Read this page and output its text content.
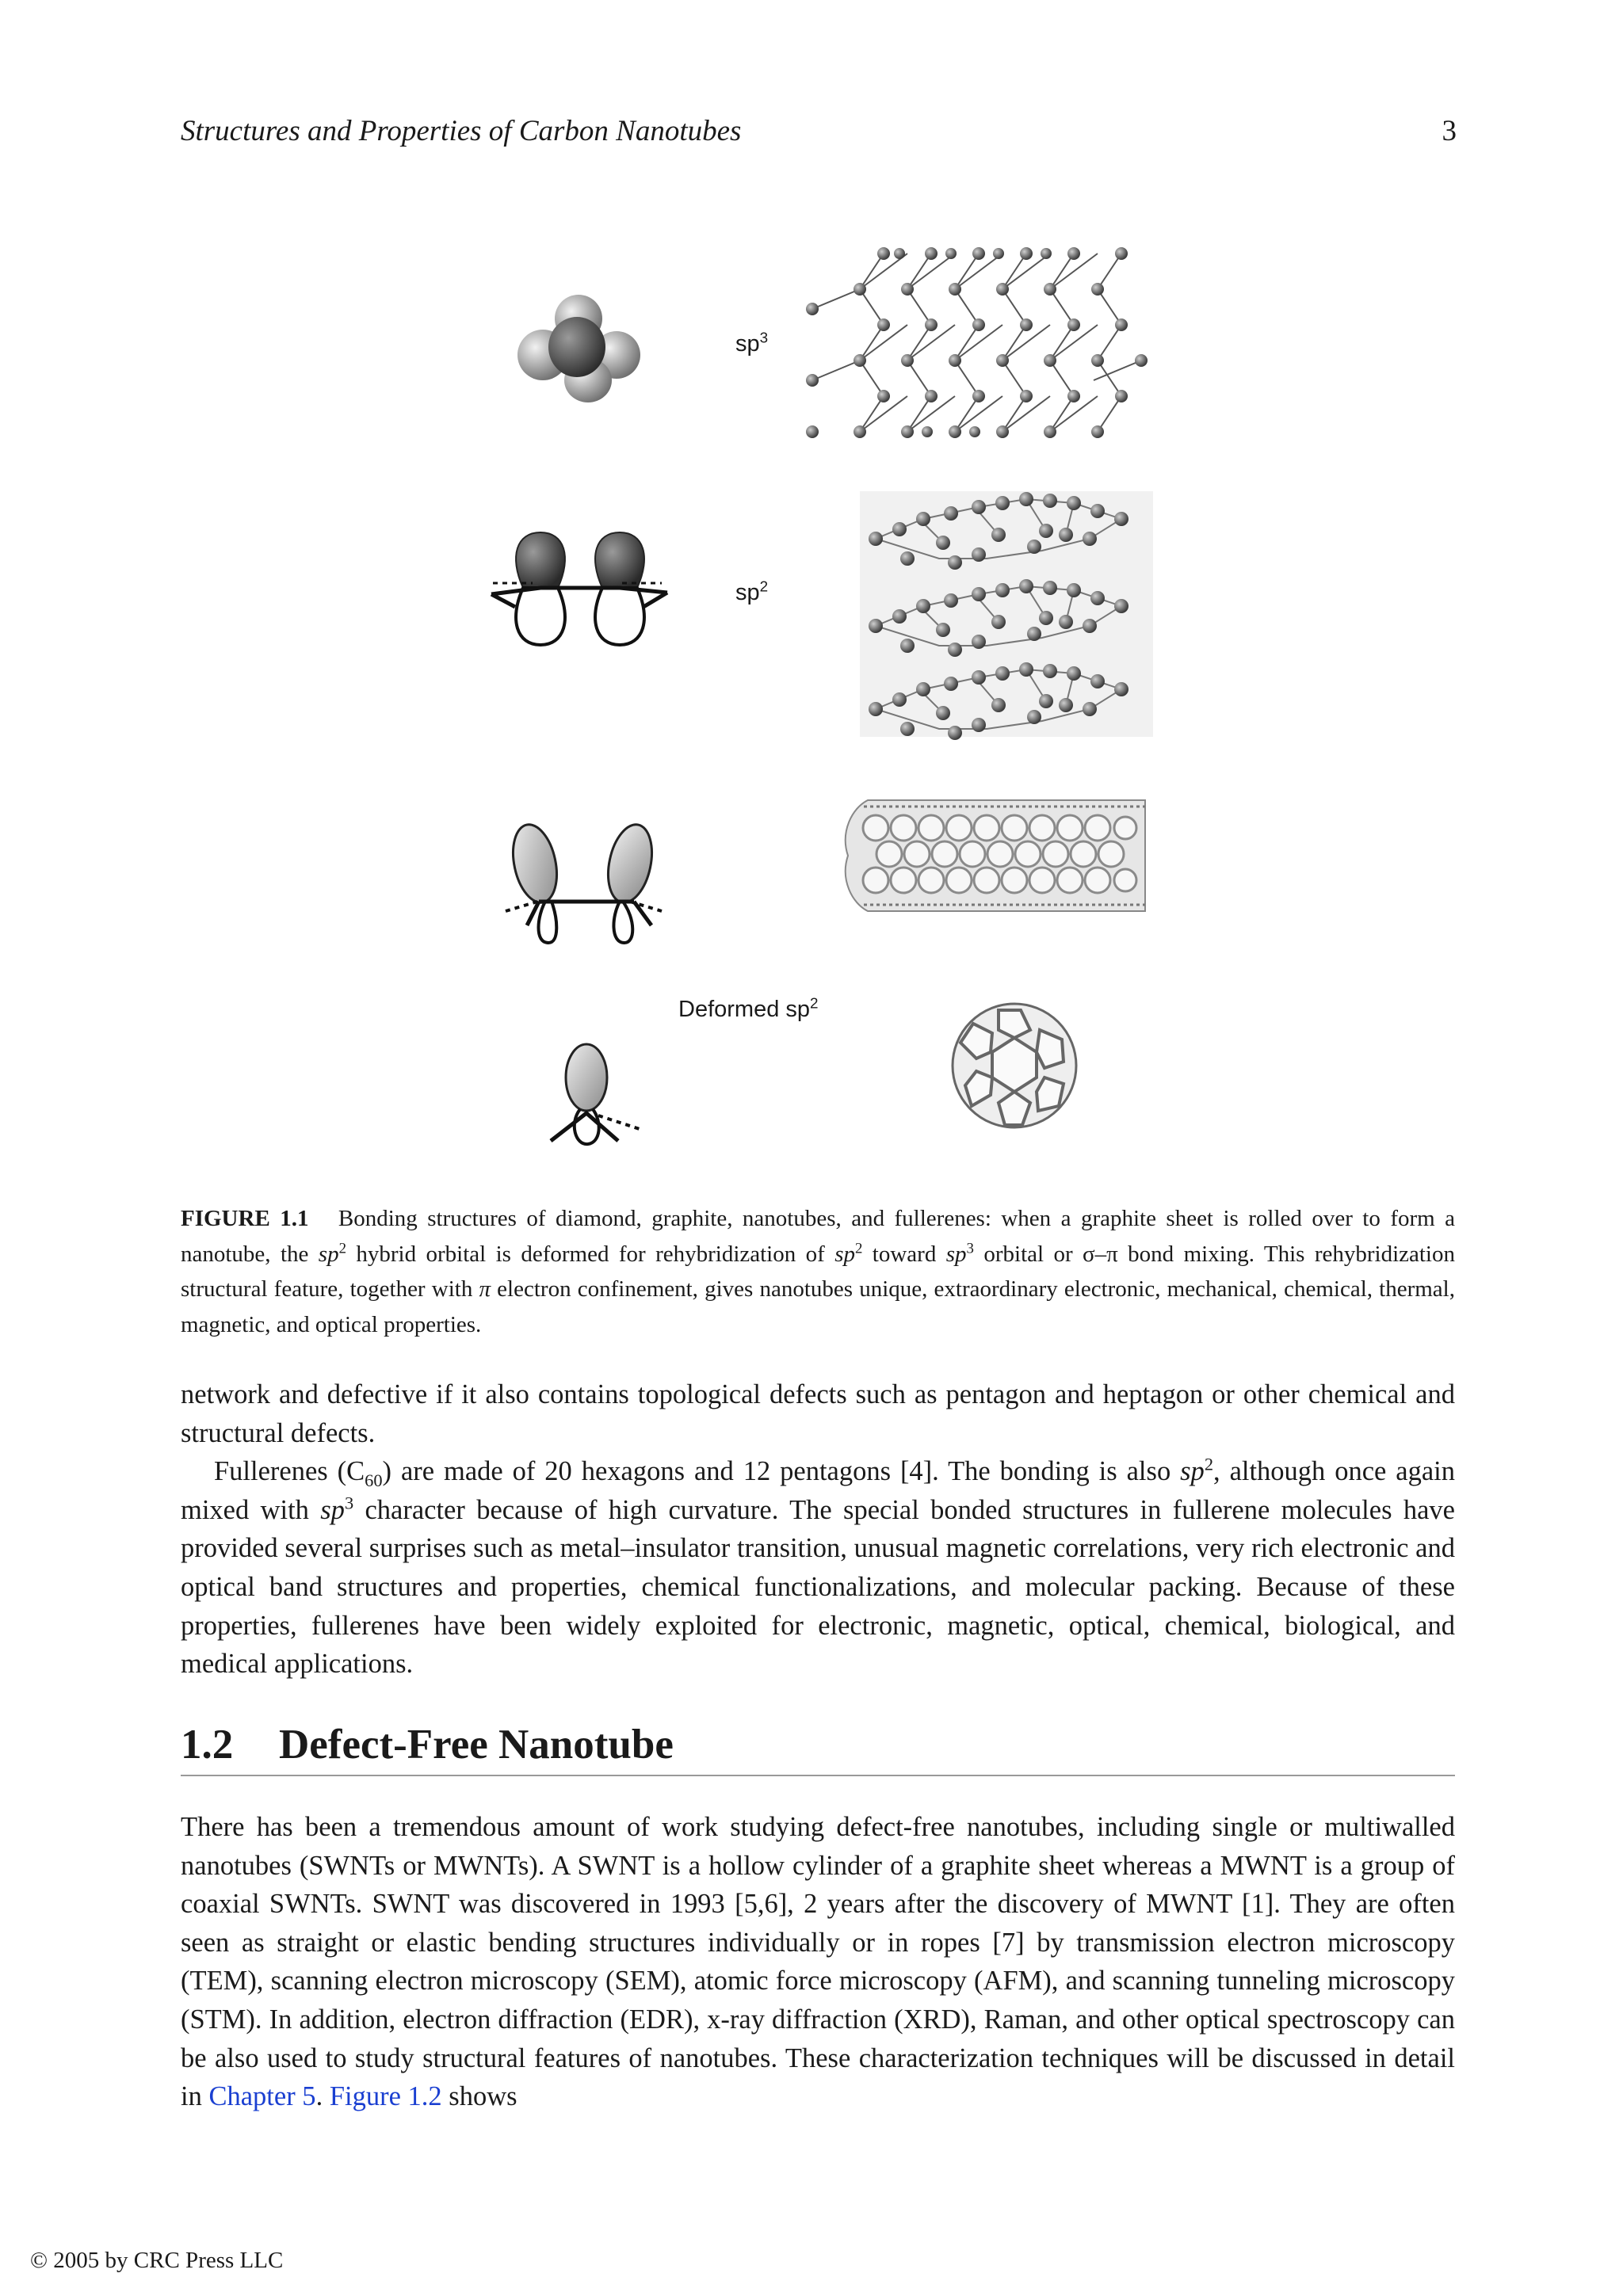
Structures and Properties of Carbon Nanotubes	3
$sp^3$
$sp^2$
Deformed $sp^2$
FIGURE 1.1 Bonding structures of diamond, graphite, nanotubes, and fullerenes: when a graphite sheet is rolled over to form a nanotube, the $sp^2$ hybrid orbital is deformed for rehybridization of $sp^2$ toward $sp^3$ orbital or σ–π bond mixing. This rehybridization structural feature, together with π electron confinement, gives nanotubes unique, extraordinary electronic, mechanical, chemical, thermal, magnetic, and optical properties.

network and defective if it also contains topological defects such as pentagon and heptagon or other chemical and structural defects.

Fullerenes $(C_{60})$ are made of 20 hexagons and 12 pentagons [4]. The bonding is also $sp^2$, although once again mixed with $sp^3$ character because of high curvature. The special bonded structures in fullerene molecules have provided several surprises such as metal–insulator transition, unusual magnetic correlations, very rich electronic and optical band structures and properties, chemical functionalizations, and molecular packing. Because of these properties, fullerenes have been widely exploited for electronic, magnetic, optical, chemical, biological, and medical applications.

1.2 Defect-Free Nanotube

There has been a tremendous amount of work studying defect-free nanotubes, including single or multiwalled nanotubes (SWNTs or MWNTs). A SWNT is a hollow cylinder of a graphite sheet whereas a MWNT is a group of coaxial SWNTs. SWNT was discovered in 1993 [5,6], 2 years after the discovery of MWNT [1]. They are often seen as straight or elastic bending structures individually or in ropes [7] by transmission electron microscopy (TEM), scanning electron microscopy (SEM), atomic force microscopy (AFM), and scanning tunneling microscopy (STM). In addition, electron diffraction (EDR), x-ray diffraction (XRD), Raman, and other optical spectroscopy can be also used to study structural features of nanotubes. These characterization techniques will be discussed in detail in Chapter 5. Figure 1.2 shows

© 2005 by CRC Press LLC
